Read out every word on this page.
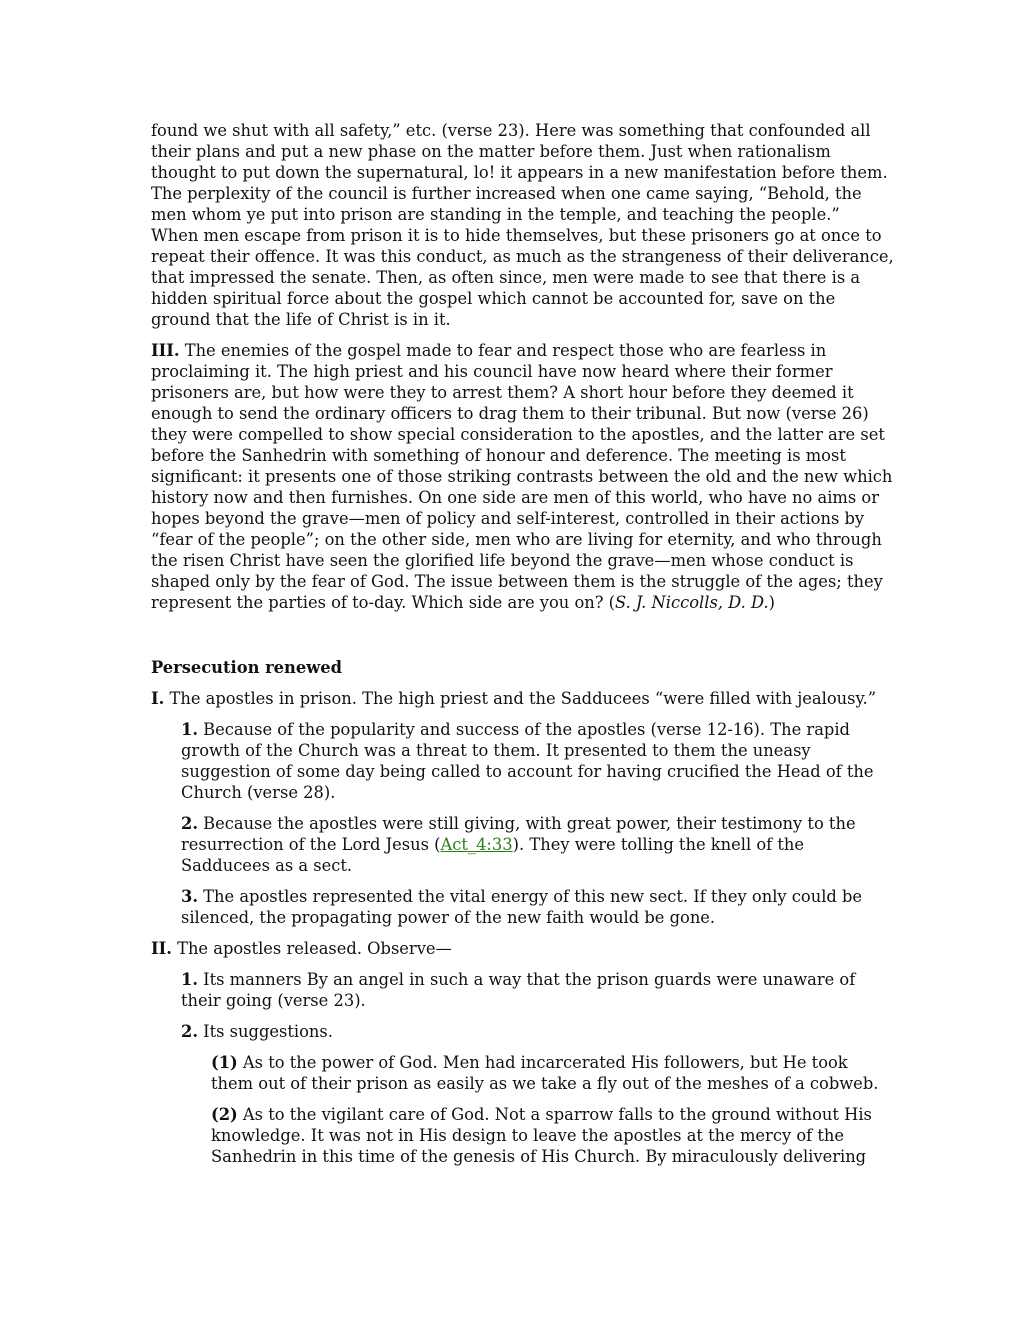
found we shut with all safety,” etc. (verse 23). Here was something that confounded all
their plans and put a new phase on the matter before them. Just when rationalism
thought to put down the supernatural, lo! it appears in a new manifestation before them.
The perplexity of the council is further increased when one came saying, “Behold, the
men whom ye put into prison are standing in the temple, and teaching the people.”
When men escape from prison it is to hide themselves, but these prisoners go at once to
repeat their offence. It was this conduct, as much as the strangeness of their deliverance,
that impressed the senate. Then, as often since, men were made to see that there is a
hidden spiritual force about the gospel which cannot be accounted for, save on the
ground that the life of Christ is in it.

III. The enemies of the gospel made to fear and respect those who are fearless in
proclaiming it. The high priest and his council have now heard where their former
prisoners are, but how were they to arrest them? A short hour before they deemed it
enough to send the ordinary officers to drag them to their tribunal. But now (verse 26)
they were compelled to show special consideration to the apostles, and the latter are set
before the Sanhedrin with something of honour and deference. The meeting is most
significant: it presents one of those striking contrasts between the old and the new which
history now and then furnishes. On one side are men of this world, who have no aims or
hopes beyond the grave—men of policy and self-interest, controlled in their actions by
“fear of the people”; on the other side, men who are living for eternity, and who through
the risen Christ have seen the glorified life beyond the grave—men whose conduct is
shaped only by the fear of God. The issue between them is the struggle of the ages; they
represent the parties of to-day. Which side are you on? (S. J. Niccolls, D. D.)

Persecution renewed

I. The apostles in prison. The high priest and the Sadducees “were filled with jealousy.”

1. Because of the popularity and success of the apostles (verse 12-16). The rapid
growth of the Church was a threat to them. It presented to them the uneasy
suggestion of some day being called to account for having crucified the Head of the
Church (verse 28).

2. Because the apostles were still giving, with great power, their testimony to the
resurrection of the Lord Jesus (Act_4:33). They were tolling the knell of the
Sadducees as a sect.

3. The apostles represented the vital energy of this new sect. If they only could be
silenced, the propagating power of the new faith would be gone.

II. The apostles released. Observe—

1. Its manners By an angel in such a way that the prison guards were unaware of
their going (verse 23).

2. Its suggestions.

(1) As to the power of God. Men had incarcerated His followers, but He took
them out of their prison as easily as we take a fly out of the meshes of a cobweb.

(2) As to the vigilant care of God. Not a sparrow falls to the ground without His
knowledge. It was not in His design to leave the apostles at the mercy of the
Sanhedrin in this time of the genesis of His Church. By miraculously delivering
